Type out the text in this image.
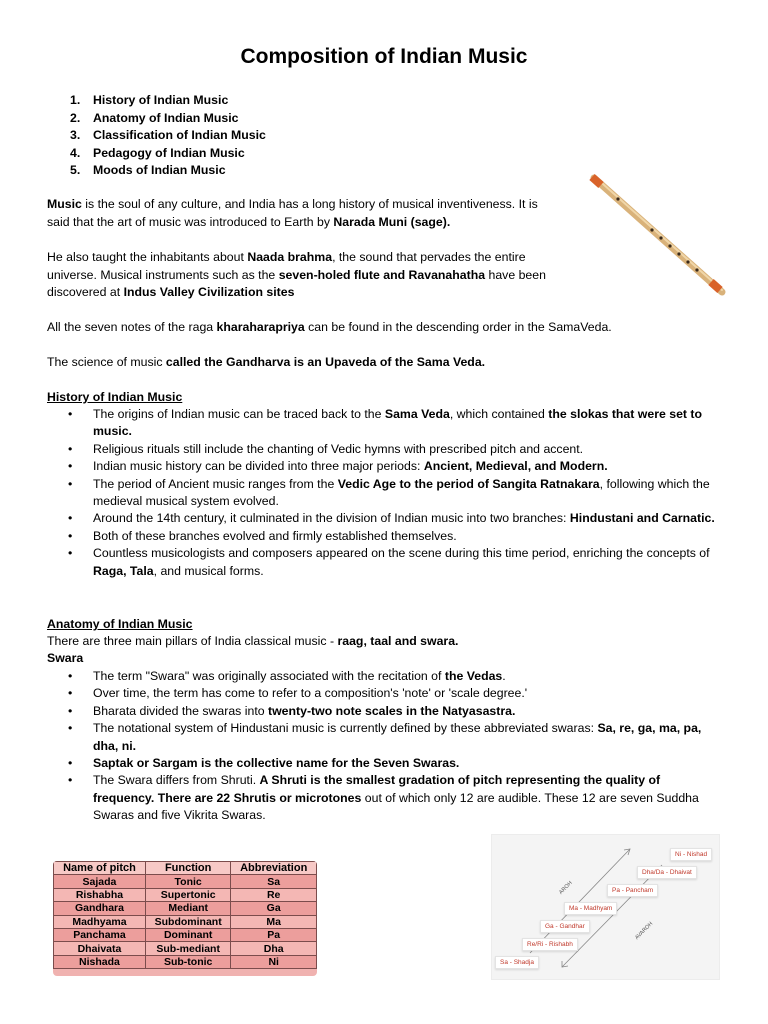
Composition of Indian Music
1. History of Indian Music
2. Anatomy of Indian Music
3. Classification of Indian Music
4. Pedagogy of Indian Music
5. Moods of Indian Music

Music is the soul of any culture, and India has a long history of musical inventiveness. It is
said that the art of music was introduced to Earth by Narada Muni (sage).

He also taught the inhabitants about Naada brahma, the sound that pervades the entire
universe. Musical instruments such as the seven-holed flute and Ravanahatha have been
discovered at Indus Valley Civilization sites

All the seven notes of the raga kharaharapriya can be found in the descending order in the SamaVeda.

The science of music called the Gandharva is an Upaveda of the Sama Veda.

History of Indian Music

• The origins of Indian music can be traced back to the Sama Veda, which contained the slokas that were set to music.
• Religious rituals still include the chanting of Vedic hymns with prescribed pitch and accent.
• Indian music history can be divided into three major periods: Ancient, Medieval, and Modern.
• The period of Ancient music ranges from the Vedic Age to the period of Sangita Ratnakara, following which the medieval musical system evolved.
• Around the 14th century, it culminated in the division of Indian music into two branches: Hindustani and Carnatic.
• Both of these branches evolved and firmly established themselves.
• Countless musicologists and composers appeared on the scene during this time period, enriching the concepts of Raga, Tala, and musical forms.

Anatomy of Indian Music

There are three main pillars of India classical music - raag, taal and swara.

Swara

• The term "Swara" was originally associated with the recitation of the Vedas.
• Over time, the term has come to refer to a composition's 'note' or 'scale degree.'
• Bharata divided the swaras into twenty-two note scales in the Natyasastra.
• The notational system of Hindustani music is currently defined by these abbreviated swaras: Sa, re, ga, ma, pa, dha, ni.
• Saptak or Sargam is the collective name for the Seven Swaras.
• The Swara differs from Shruti. A Shruti is the smallest gradation of pitch representing the quality of frequency. There are 22 Shrutis or microtones out of which only 12 are audible. These 12 are seven Suddha Swaras and five Vikrita Swaras.
Name of pitch	Function	Abbreviation
Sajada	Tonic	Sa
Rishabha	Supertonic	Re
Gandhara	Mediant	Ga
Madhyama	Subdominant	Ma
Panchama	Dominant	Pa
Dhaivata	Sub-mediant	Dha
Nishada	Sub-tonic	Ni
AROH
AVAROH
Sa - Shadja
Re/Ri - Rishabh
Ga - Gandhar
Ma - Madhyam
Pa - Pancham
Dha/Da - Dhaivat
Ni - Nishad
